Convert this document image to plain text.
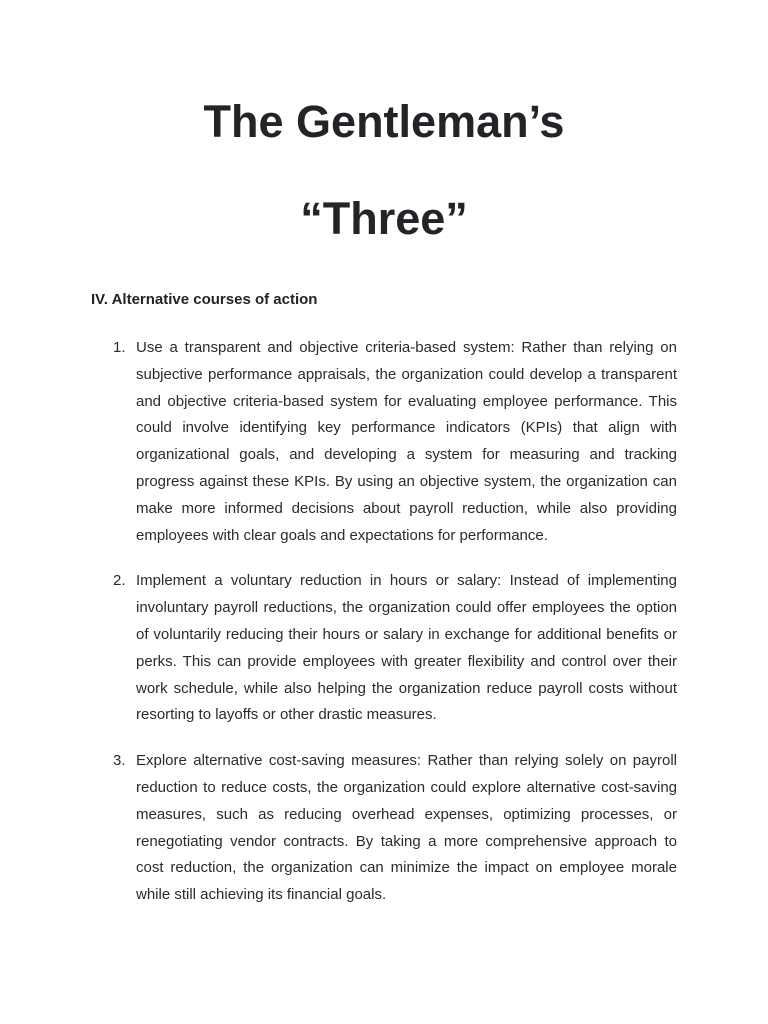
The Gentleman’s
“Three”
IV. Alternative courses of action
1. Use a transparent and objective criteria-based system: Rather than relying on subjective performance appraisals, the organization could develop a transparent and objective criteria-based system for evaluating employee performance. This could involve identifying key performance indicators (KPIs) that align with organizational goals, and developing a system for measuring and tracking progress against these KPIs. By using an objective system, the organization can make more informed decisions about payroll reduction, while also providing employees with clear goals and expectations for performance.
2. Implement a voluntary reduction in hours or salary: Instead of implementing involuntary payroll reductions, the organization could offer employees the option of voluntarily reducing their hours or salary in exchange for additional benefits or perks. This can provide employees with greater flexibility and control over their work schedule, while also helping the organization reduce payroll costs without resorting to layoffs or other drastic measures.
3. Explore alternative cost-saving measures: Rather than relying solely on payroll reduction to reduce costs, the organization could explore alternative cost-saving measures, such as reducing overhead expenses, optimizing processes, or renegotiating vendor contracts. By taking a more comprehensive approach to cost reduction, the organization can minimize the impact on employee morale while still achieving its financial goals.
